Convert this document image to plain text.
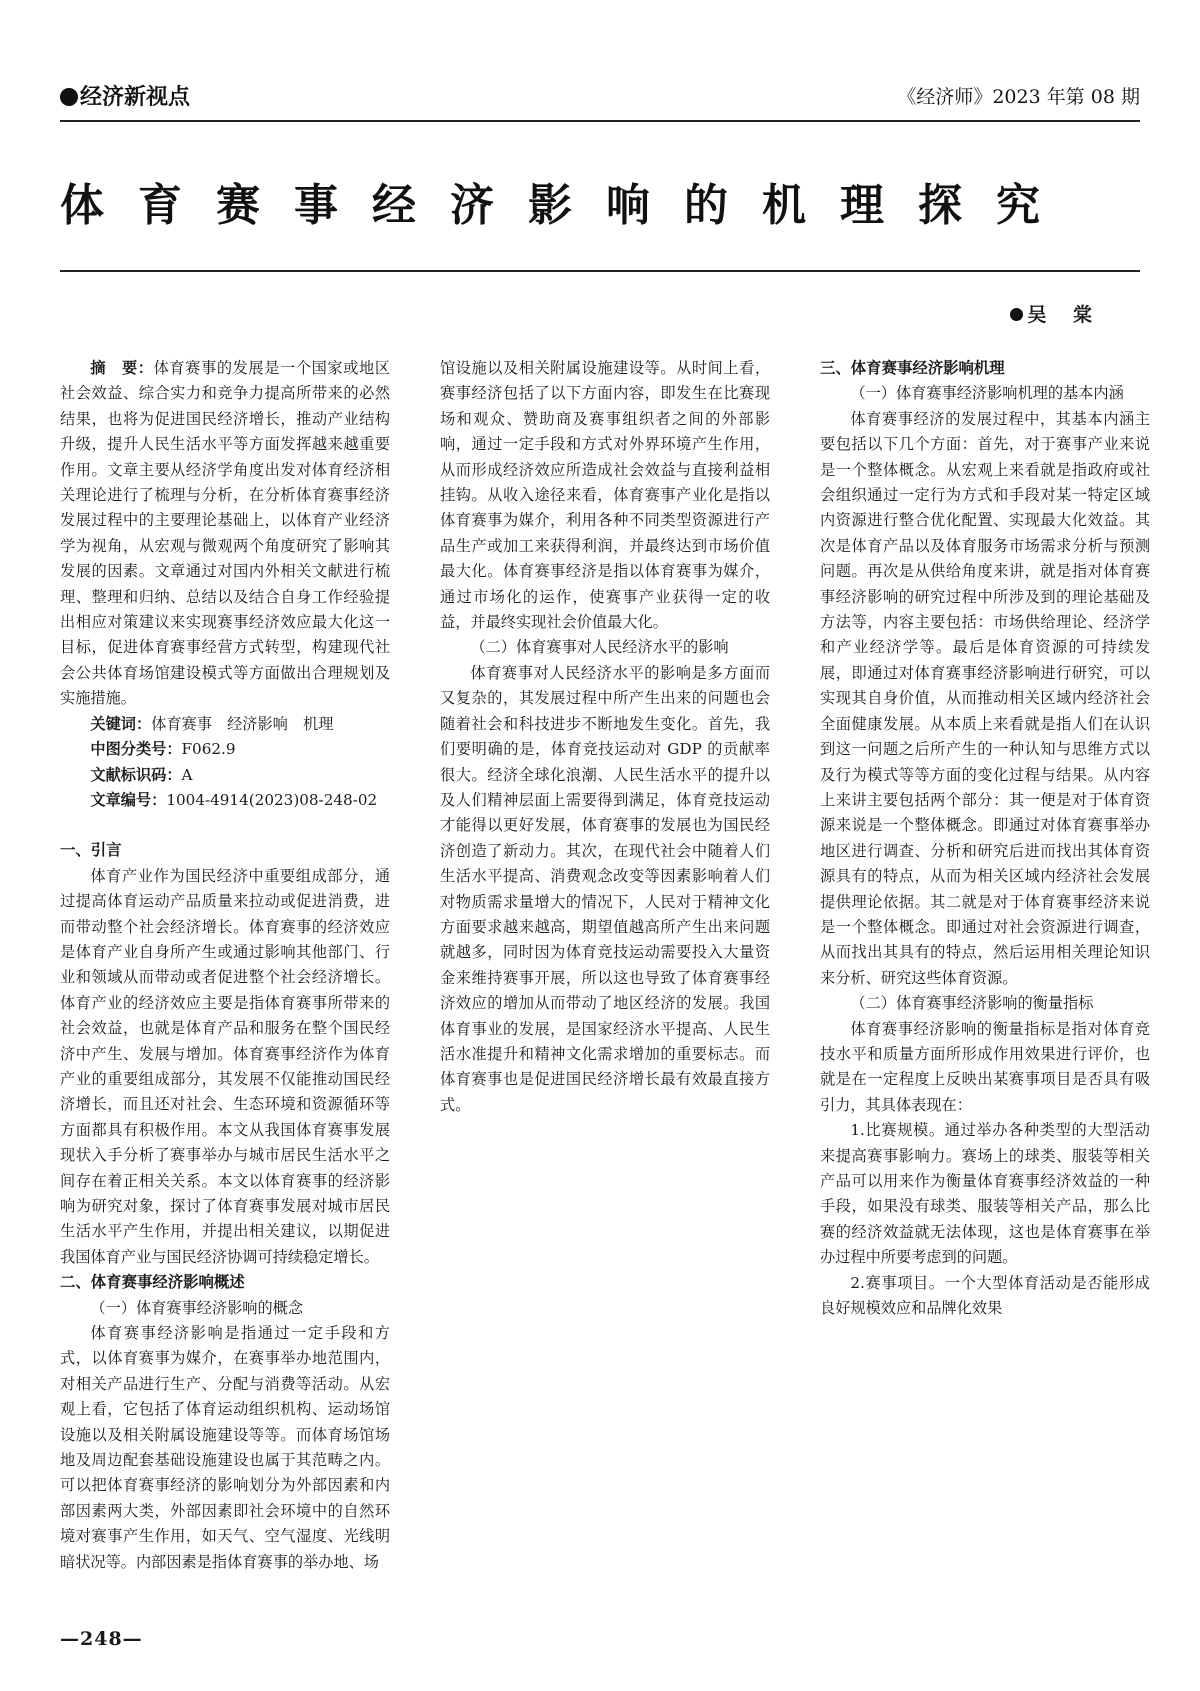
经济新视点	《经济师》2023 年第 08 期
体育赛事经济影响的机理探究
吴 棠

摘　要：体育赛事的发展是一个国家或地区社会效益、综合实力和竞争力提高所带来的必然结果，也将为促进国民经济增长，推动产业结构升级，提升人民生活水平等方面发挥越来越重要作用。文章主要从经济学角度出发对体育经济相关理论进行了梳理与分析，在分析体育赛事经济发展过程中的主要理论基础上，以体育产业经济学为视角，从宏观与微观两个角度研究了影响其发展的因素。文章通过对国内外相关文献进行梳理、整理和归纳、总结以及结合自身工作经验提出相应对策建议来实现赛事经济效应最大化这一目标，促进体育赛事经营方式转型，构建现代社会公共体育场馆建设模式等方面做出合理规划及实施措施。

关键词：体育赛事　经济影响　机理

中图分类号：F062.9

文献标识码：A

文章编号：1004-4914(2023)08-248-02

一、引言

体育产业作为国民经济中重要组成部分，通过提高体育运动产品质量来拉动或促进消费，进而带动整个社会经济增长。体育赛事的经济效应是体育产业自身所产生或通过影响其他部门、行业和领域从而带动或者促进整个社会经济增长。体育产业的经济效应主要是指体育赛事所带来的社会效益，也就是体育产品和服务在整个国民经济中产生、发展与增加。体育赛事经济作为体育产业的重要组成部分，其发展不仅能推动国民经济增长，而且还对社会、生态环境和资源循环等方面都具有积极作用。本文从我国体育赛事发展现状入手分析了赛事举办与城市居民生活水平之间存在着正相关关系。本文以体育赛事的经济影响为研究对象，探讨了体育赛事发展对城市居民生活水平产生作用，并提出相关建议，以期促进我国体育产业与国民经济协调可持续稳定增长。

二、体育赛事经济影响概述

（一）体育赛事经济影响的概念

体育赛事经济影响是指通过一定手段和方式，以体育赛事为媒介，在赛事举办地范围内，对相关产品进行生产、分配与消费等活动。从宏观上看，它包括了体育运动组织机构、运动场馆设施以及相关附属设施建设等等。而体育场馆场地及周边配套基础设施建设也属于其范畴之内。可以把体育赛事经济的影响划分为外部因素和内部因素两大类，外部因素即社会环境中的自然环境对赛事产生作用，如天气、空气湿度、光线明暗状况等。内部因素是指体育赛事的举办地、场

三、体育赛事经济影响机理

（一）体育赛事经济影响机理的基本内涵

体育赛事经济的发展过程中，其基本内涵主要包括以下几个方面：首先，对于赛事产业来说是一个整体概念。从宏观上来看就是指政府或社会组织通过一定行为方式和手段对某一特定区域内资源进行整合优化配置、实现最大化效益。其次是体育产品以及体育服务市场需求分析与预测问题。再次是从供给角度来讲，就是指对体育赛事经济影响的研究过程中所涉及到的理论基础及方法等，内容主要包括：市场供给理论、经济学和产业经济学等。最后是体育资源的可持续发展，即通过对体育赛事经济影响进行研究，可以实现其自身价值，从而推动相关区域内经济社会全面健康发展。从本质上来看就是指人们在认识到这一问题之后所产生的一种认知与思维方式以及行为模式等等方面的变化过程与结果。从内容上来讲主要包括两个部分：其一便是对于体育资源来说是一个整体概念。即通过对体育赛事举办地区进行调查、分析和研究后进而找出其体育资源具有的特点，从而为相关区域内经济社会发展提供理论依据。其二就是对于体育赛事经济来说是一个整体概念。即通过对社会资源进行调查，从而找出其具有的特点，然后运用相关理论知识来分析、研究这些体育资源。

（二）体育赛事经济影响的衡量指标

体育赛事经济影响的衡量指标是指对体育竞技水平和质量方面所形成作用效果进行评价，也就是在一定程度上反映出某赛事项目是否具有吸引力，其具体表现在：

1.比赛规模。通过举办各种类型的大型活动来提高赛事影响力。赛场上的球类、服装等相关产品可以用来作为衡量体育赛事经济效益的一种手段，如果没有球类、服装等相关产品，那么比赛的经济效益就无法体现，这也是体育赛事在举办过程中所要考虑到的问题。

2.赛事项目。一个大型体育活动是否能形成良好规模效应和品牌化效果

—248—

馆设施以及相关附属设施建设等。从时间上看，赛事经济包括了以下方面内容，即发生在比赛现场和观众、赞助商及赛事组织者之间的外部影响，通过一定手段和方式对外界环境产生作用，从而形成经济效应所造成社会效益与直接利益相挂钩。从收入途径来看，体育赛事产业化是指以体育赛事为媒介，利用各种不同类型资源进行产品生产或加工来获得利润，并最终达到市场价值最大化。体育赛事经济是指以体育赛事为媒介，通过市场化的运作，使赛事产业获得一定的收益，并最终实现社会价值最大化。

（二）体育赛事对人民经济水平的影响

体育赛事对人民经济水平的影响是多方面而又复杂的，其发展过程中所产生出来的问题也会随着社会和科技进步不断地发生变化。首先，我们要明确的是，体育竞技运动对 GDP 的贡献率很大。经济全球化浪潮、人民生活水平的提升以及人们精神层面上需要得到满足，体育竞技运动才能得以更好发展，体育赛事的发展也为国民经济创造了新动力。其次，在现代社会中随着人们生活水平提高、消费观念改变等因素影响着人们对物质需求量增大的情况下，人民对于精神文化方面要求越来越高，期望值越高所产生出来问题就越多，同时因为体育竞技运动需要投入大量资金来维持赛事开展，所以这也导致了体育赛事经济效应的增加从而带动了地区经济的发展。我国体育事业的发展，是国家经济水平提高、人民生活水准提升和精神文化需求增加的重要标志。而体育赛事也是促进国民经济增长最有效最直接方式。
